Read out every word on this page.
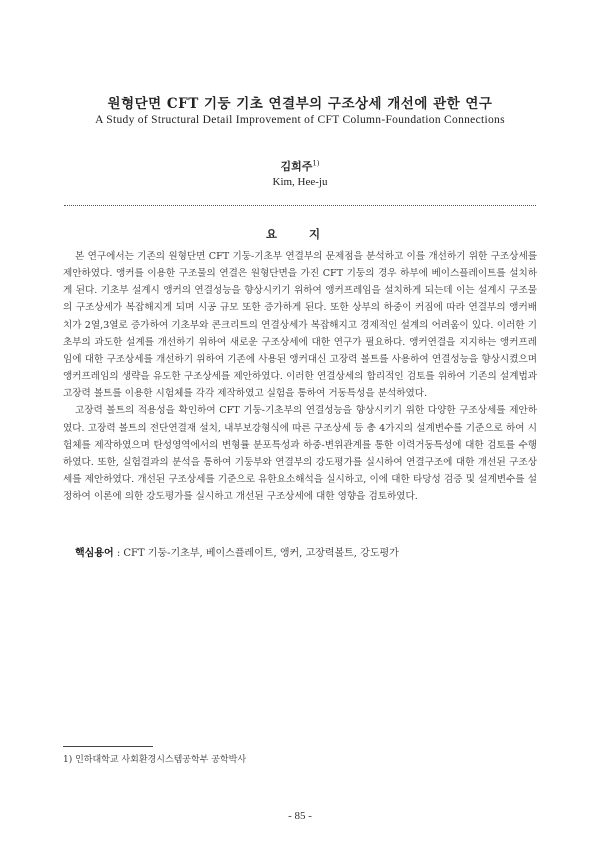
원형단면 CFT 기둥 기초 연결부의 구조상세 개선에 관한 연구
A Study of Structural Detail Improvement of CFT Column-Foundation Connections
김희주$^{1)}$
Kim, Hee-ju
요 지

본 연구에서는 기존의 원형단면 CFT 기둥-기초부 연결부의 문제점을 분석하고 이를 개선하기 위한 구조상세를 제안하였다. 앵커를 이용한 구조물의 연결은 원형단면을 가진 CFT 기둥의 경우 하부에 베이스플레이트를 설치하게 된다. 기초부 설계시 앵커의 연결성능을 향상시키기 위하여 앵커프레임을 설치하게 되는데 이는 설계시 구조물의 구조상세가 복잡해지게 되며 시공 규모 또한 증가하게 된다. 또한 상부의 하중이 커짐에 따라 연결부의 앵커배치가 2열,3열로 증가하여 기초부와 콘크리트의 연결상세가 복잡해지고 경제적인 설계의 어려움이 있다. 이러한 기초부의 과도한 설계를 개선하기 위하여 새로운 구조상세에 대한 연구가 필요하다. 앵커연결을 지지하는 앵커프레임에 대한 구조상세를 개선하기 위하여 기존에 사용된 앵커대신 고장력 볼트를 사용하여 연결성능을 향상시켰으며 앵커프레임의 생략을 유도한 구조상세를 제안하였다. 이러한 연결상세의 합리적인 검토를 위하여 기존의 설계법과 고장력 볼트를 이용한 시험체를 각각 제작하였고 실험을 통하여 거동특성을 분석하였다.

고장력 볼트의 적용성을 확인하여 CFT 기둥-기초부의 연결성능을 향상시키기 위한 다양한 구조상세를 제안하였다. 고장력 볼트의 전단연결재 설치, 내부보강형식에 따른 구조상세 등 총 4가지의 설계변수를 기준으로 하여 시험체를 제작하였으며 탄성영역에서의 변형률 분포특성과 하중-변위관계를 통한 이력거동특성에 대한 검토를 수행하였다. 또한, 실험결과의 분석을 통하여 기둥부와 연결부의 강도평가를 실시하여 연결구조에 대한 개선된 구조상세를 제안하였다. 개선된 구조상세를 기준으로 유한요소해석을 실시하고, 이에 대한 타당성 검증 및 설계변수를 설정하여 이론에 의한 강도평가를 실시하고 개선된 구조상세에 대한 영향을 검토하였다.

핵심용어 : CFT 기둥-기초부, 베이스플레이트, 앵커, 고장력볼트, 강도평가
1) 인하대학교 사회환경시스템공학부 공학박사
- 85 -
